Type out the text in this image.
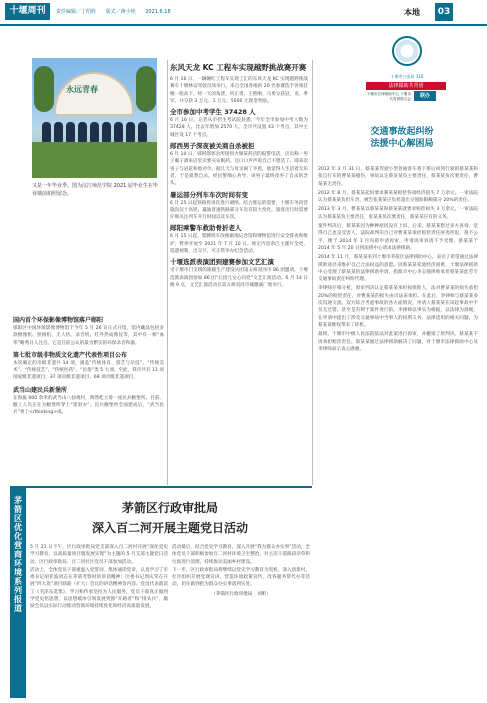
十堰周刊	责任编辑／丁绍胜 版式／蒋小艳 2021.6.18	本地	03
永远青春
又是一年毕业季。图为汉江师范学院 2021 届毕业生在毕业墙前拍照留念。
国内首个环保影像博物馆落户郧阳

郧阳区中国环保影像博物馆于今年 5 月 26 日正式开馆，馆内藏品包括多款摄像机、照相机、无人机、录音机、红外热成像仪等，其中有一相“血筚”略秀日人注目。它是目前公认的最为繁实的环保录音和器。

第七批市级非物质文化遗产代表性项目公布

本次确定的市级非遗共 14 项，涵盖“传统体育、游艺与杂技”、“传统美术”、“传统技艺”、“传统医药”、“民俗”类 5 大项。至此，我市共有 11 项国家级非遗项目、37 项省级非遗项目、68 项市级非遗项目。

武当山建民兵新堡所

在海拔 900 余米的武当山八仙观村，舆然屹立着一座民兵敝堡所。目前，敝工人员正在为敝堡所穿上“迷彩衣”。民兵敝堡所全面建成后，“武当民兵”将上</thinking>岗。

东风天龙 KC 工程车实现越野挑战赛开赛

6 月 16 日，一辆辆红工程车实现了汇的东风天龙 KC 实现越野挑战赛车十堰林安驾驶员场举行。来自全国各地的 20 名参赛选手各领挂她一般高下。经一天的角逐，何正勇、王艳刚、马勇分获冠、亚、季军，并分获 3 万元、1 万元、5000 元现金奖励。

全市参加中考学生 37428 人

6 月 16 日，记者从市招生考试院获悉，今年全市参加中考人数为 37428 人，比去年增加 2570 人，全市共设置 43 个考点，其中主城区设 17 个考点。

郧西男子深夜被关商自杀被拒

6 月 10 日，郧阿郧郭岔所接到火爆某药店的报警电话，店员称一男子暍子酒来店里卖要买安眠药。还口口声声说自己不想活了。郧来次男子与岩花和他劝令。据几天与母亲闹了矛盾，他觉得人生活着无乐者，于是就想自杀。经民警细心劝导，该男子最终改弃了自杀的念头。

暑运部分列车车次时间有变

6 月 25 日起铁路将再次进行调图。结合暑运的需要，十堰车务段营施沟汉十高铁、襄渝普速铁路部分车次有较大变化，旅客出行时需要仔细关注列车开行时间以及车次。

郧阳乘警车救助骨折老人

6 月 15 日起，鄂腾铁车改根据地记念馆和博物馆进行安全排查和维护，暂停开放至 2021 年 7 月 10 日。规定内容余巴主题片全更，巡逻视频，出交开，可正常举办纪念活动。

十堰选派表演团到建赛参加文艺汇演

受干堰市门支援的郧猫生产建设兵团第五师双河市 86 团邀请，十堰选派表演团参加 86 团“后团儿女心向党”文艺汇演活动。6 月 14 日晚 9 点，文艺汇演活动在第五师双河市城激滴厂地举行。

十堰市公安局 110
法律援助共青团
十堰市法律援助中心 十堰市共青团联合会	联办
交通事故起纠纷
法援中心解困局

2012 年 3 月 31 日，蔡某某驾驶小型普通客车将下班后回到行驶的蔡某某和张自行车的曹某某撞伤，事故认定蔡某某负主要责任，蔡某某负次要责任，曹某某无责任。

2012 年 8 月，蔡某某起诉要求赛某某赔偿各项经济损失 7 万余元。一审法院认为蔡某某负担车责、被告张某某应负担超出交强险限额部分 20%的责任。

2013 年 3 月，曹某某以蔡某某和蔡某某就要求赔偿损失 3 万余元，一审法院认为蔡某某负主要责任，张某某负次要责任，蔡某某应有的义务。

案件判决后，蔡某某因为种种原因没有上诉。后来，蔡某某想过多方查询，觉得自己也是受害人，法院却判决自己对曹某某承担赔偿责任匪夷所思，很不公平，便于 2014 年 1 月向郧申请再审，申请再审诉请不予受理，蔡某某于 2014 年 5 月 20 日到法援中心请求法律援助。

2014 年 11 月，蔡某某来到十堰市茅箭区法律援助中心，表达了希望通过法律援助途径来维护自己合法权益的意愿。因蔡某某家庭经济困难，十堰法律援助中心受理了蔡某某的法律援助申请，指派市中心李志强律师承担蔡某某此劳专交通事故责任纠纷代理。

李律师仔细分析，原审判决认定蔡某某承担按保险人，法对曹某某的损失承担 20%的赔偿责任，对曹某某的损失由司法来承担。在此后，李律师与蔡某某多次沟通交流。双方综合考虑事故的各方面情况，申请人蔡某某在该起事故中不仅无过错，甚至是有利于案件进行的。李律师以事实为根据，以法律为准绳，在申请中提出了涉及交通事故中当事人的权利义务、法律适用的相关问题，为蔡某某维权带来了转机。

最终，十堰市中级人民法院依法对此案进行再审，并撤销了原判决，蔡某某不再承担赔偿责任。蔡某某通过法律援助解决了问题，对十堰市法律援助中心及李律师表示衷心感谢。

茅箭区优化营商环境系列报道
茅箭区行政审批局
深入百二河开展主题党日活动

5 月 21 日下午，区行政审批局党支部深入百二河村开展“深化党史学习教育，以高质量项目服发展实现”为主题的 5 月支部主题党日活动。区行政审批局、百二河社区党员干部参加活动。

活动上，全体党员干部重温入党誓词，集体诵读党章，认真学习了市委书记胡亚波同志在茅箭考察时的讲话精神；区委书记周庆荣在开展“四大攻”项目联联（扩大）会议的讲话精神等内容。党员代表就读了《毛泽东选集》，学习和传承坚持为人民服务，党员干部真正做到学党史悟思想，以思想破冰引领发展突围“开路者”和“排头兵”，激励全员以实际行动推动营商环境持续优化和经济高质量发展。

活动最后，结合党史学习教育，深入开展“我为群众办实事”活动，全体党员干部积极参加百二河村环境卫生整治，对主次干道路段杂草和垃圾进行清理，持续推动美丽乡村建设。

下一步，区行政审批局将继续以党史学习教育为契机，深入创新村、社区组织开展党课宣讲，营造环境政策宣传，改各服务帮代办等活动，切实做到把为群众办实事落到实处。

（茅箭区行政审批局　刘昕）
